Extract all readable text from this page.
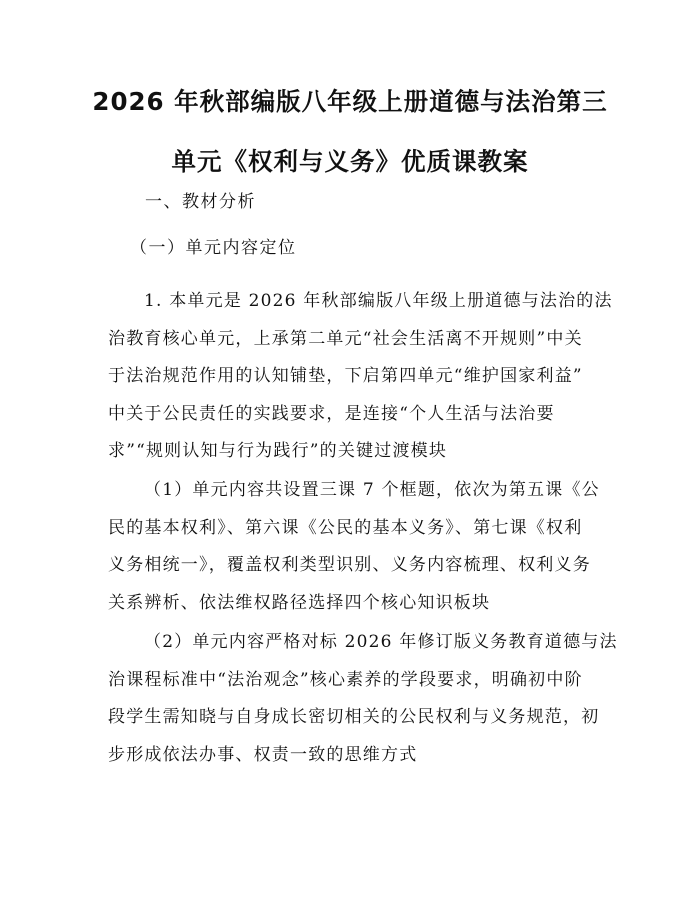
2026 年秋部编版八年级上册道德与法治第三
单元《权利与义务》优质课教案
一、教材分析
（一）单元内容定位
1. 本单元是 2026 年秋部编版八年级上册道德与法治的法
治教育核心单元，上承第二单元“社会生活离不开规则”中关
于法治规范作用的认知铺垫，下启第四单元“维护国家利益”
中关于公民责任的实践要求，是连接“个人生活与法治要
求”“规则认知与行为践行”的关键过渡模块
（1）单元内容共设置三课 7 个框题，依次为第五课《公
民的基本权利》、第六课《公民的基本义务》、第七课《权利
义务相统一》，覆盖权利类型识别、义务内容梳理、权利义务
关系辨析、依法维权路径选择四个核心知识板块
（2）单元内容严格对标 2026 年修订版义务教育道德与法
治课程标准中“法治观念”核心素养的学段要求，明确初中阶
段学生需知晓与自身成长密切相关的公民权利与义务规范，初
步形成依法办事、权责一致的思维方式
